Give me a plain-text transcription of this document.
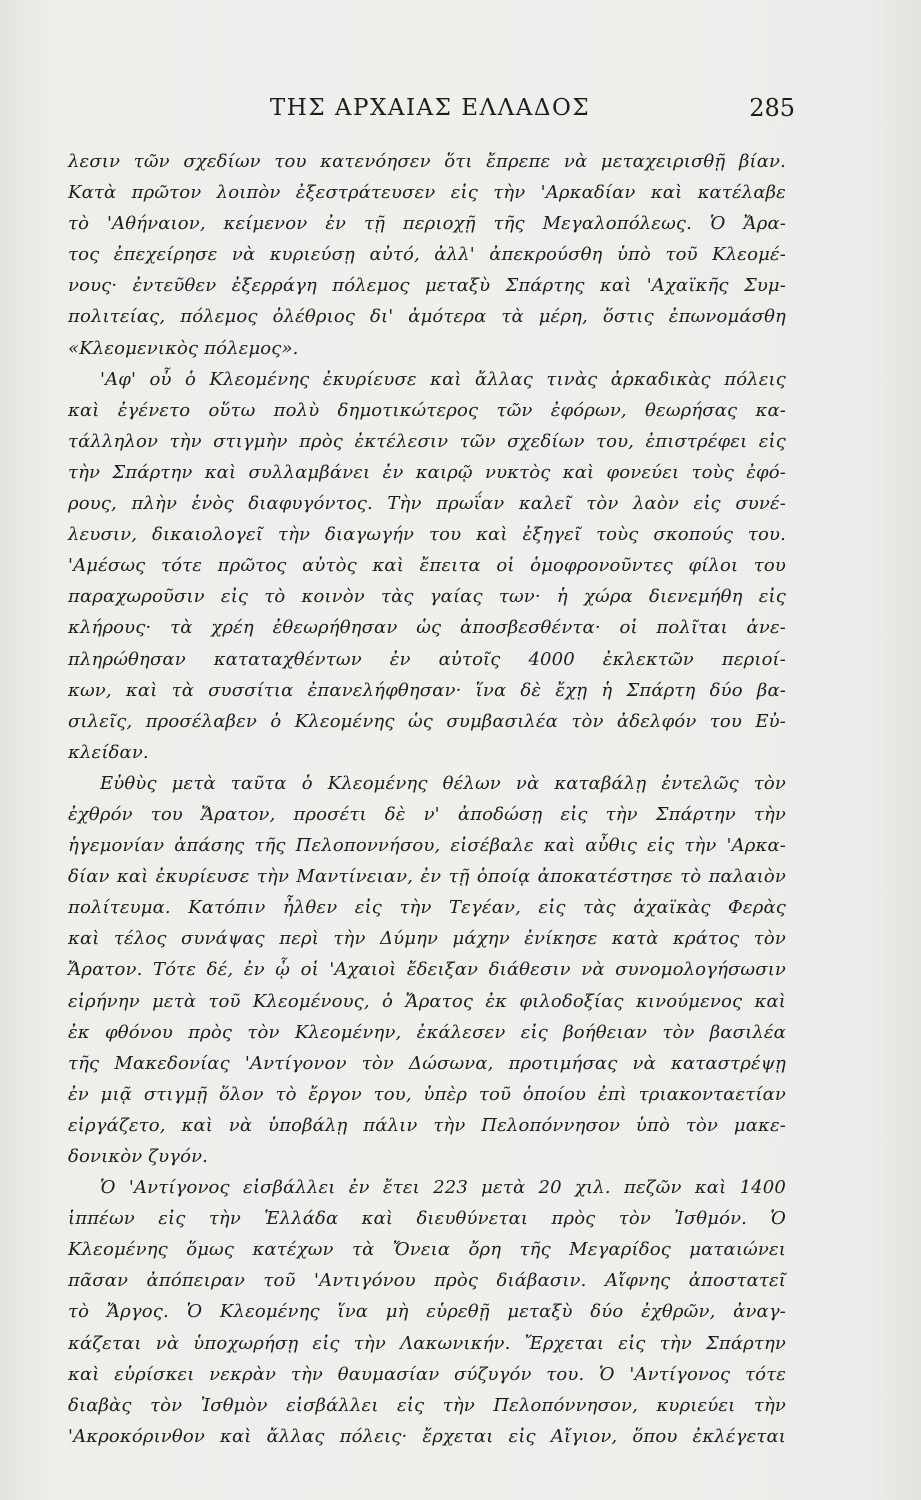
ΤΗΣ ΑΡΧΑΙΑΣ ΕΛΛΑΔΟΣ	285
λεσιν τῶν σχεδίων του κατενόησεν ὅτι ἔπρεπε νὰ μεταχειρισθῇ βίαν.
Κατὰ πρῶτον λοιπὸν ἐξεστράτευσεν εἰς τὴν 'Αρκαδίαν καὶ κατέλαβε
τὸ 'Αθήναιον, κείμενον ἐν τῇ περιοχῇ τῆς Μεγαλοπόλεως. Ὁ Ἄρα-
τος ἐπεχείρησε νὰ κυριεύσῃ αὐτό, ἀλλ' ἀπεκρούσθη ὑπὸ τοῦ Κλεομέ-
νους· ἐντεῦθεν ἐξερράγη πόλεμος μεταξὺ Σπάρτης καὶ 'Αχαϊκῆς Συμ-
πολιτείας, πόλεμος ὀλέθριος δι' ἀμότερα τὰ μέρη, ὅστις ἐπωνομάσθη
«Κλεομενικὸς πόλεμος».
'Αφ' οὗ ὁ Κλεομένης ἐκυρίευσε καὶ ἄλλας τινὰς ἀρκαδικὰς πόλεις
καὶ ἐγένετο οὕτω πολὺ δημοτικώτερος τῶν ἐφόρων, θεωρήσας κα-
τάλληλον τὴν στιγμὴν πρὸς ἐκτέλεσιν τῶν σχεδίων του, ἐπιστρέφει εἰς
τὴν Σπάρτην καὶ συλλαμβάνει ἐν καιρῷ νυκτὸς καὶ φονεύει τοὺς ἐφό-
ρους, πλὴν ἑνὸς διαφυγόντος. Τὴν πρωΐαν καλεῖ τὸν λαὸν εἰς συνέ-
λευσιν, δικαιολογεῖ τὴν διαγωγήν του καὶ ἐξηγεῖ τοὺς σκοπούς του.
'Αμέσως τότε πρῶτος αὐτὸς καὶ ἔπειτα οἱ ὁμοφρονοῦντες φίλοι του
παραχωροῦσιν εἰς τὸ κοινὸν τὰς γαίας των· ἡ χώρα διενεμήθη εἰς
κλήρους· τὰ χρέη ἐθεωρήθησαν ὡς ἀποσβεσθέντα· οἱ πολῖται ἀνε-
πληρώθησαν καταταχθέντων ἐν αὐτοῖς 4000 ἐκλεκτῶν περιοί-
κων, καὶ τὰ συσσίτια ἐπανελήφθησαν· ἵνα δὲ ἔχῃ ἡ Σπάρτη δύο βα-
σιλεῖς, προσέλαβεν ὁ Κλεομένης ὡς συμβασιλέα τὸν ἀδελφόν του Εὐ-
κλείδαν.
Εὐθὺς μετὰ ταῦτα ὁ Κλεομένης θέλων νὰ καταβάλῃ ἐντελῶς τὸν
ἐχθρόν του Ἄρατον, προσέτι δὲ ν' ἀποδώσῃ εἰς τὴν Σπάρτην τὴν
ἡγεμονίαν ἁπάσης τῆς Πελοποννήσου, εἰσέβαλε καὶ αὖθις εἰς τὴν 'Αρκα-
δίαν καὶ ἐκυρίευσε τὴν Μαντίνειαν, ἐν τῇ ὁποίᾳ ἀποκατέστησε τὸ παλαιὸν
πολίτευμα. Κατόπιν ἦλθεν εἰς τὴν Τεγέαν, εἰς τὰς ἀχαϊκὰς Φερὰς
καὶ τέλος συνάψας περὶ τὴν Δύμην μάχην ἐνίκησε κατὰ κράτος τὸν
Ἄρατον. Τότε δέ, ἐν ᾧ οἱ 'Αχαιοὶ ἔδειξαν διάθεσιν νὰ συνομολογήσωσιν
εἰρήνην μετὰ τοῦ Κλεομένους, ὁ Ἄρατος ἐκ φιλοδοξίας κινούμενος καὶ
ἐκ φθόνου πρὸς τὸν Κλεομένην, ἐκάλεσεν εἰς βοήθειαν τὸν βασιλέα
τῆς Μακεδονίας 'Αντίγονον τὸν Δώσωνα, προτιμήσας νὰ καταστρέψῃ
ἐν μιᾷ στιγμῇ ὅλον τὸ ἔργον του, ὑπὲρ τοῦ ὁποίου ἐπὶ τριακονταετίαν
εἰργάζετο, καὶ νὰ ὑποβάλῃ πάλιν τὴν Πελοπόννησον ὑπὸ τὸν μακε-
δονικὸν ζυγόν.
Ὁ 'Αντίγονος εἰσβάλλει ἐν ἔτει 223 μετὰ 20 χιλ. πεζῶν καὶ 1400
ἱππέων εἰς τὴν Ἑλλάδα καὶ διευθύνεται πρὸς τὸν Ἰσθμόν. Ὁ
Κλεομένης ὅμως κατέχων τὰ Ὄνεια ὄρη τῆς Μεγαρίδος ματαιώνει
πᾶσαν ἀπόπειραν τοῦ 'Αντιγόνου πρὸς διάβασιν. Αἴφνης ἀποστατεῖ
τὸ Ἄργος. Ὁ Κλεομένης ἵνα μὴ εὑρεθῇ μεταξὺ δύο ἐχθρῶν, ἀναγ-
κάζεται νὰ ὑποχωρήσῃ εἰς τὴν Λακωνικήν. Ἔρχεται εἰς τὴν Σπάρτην
καὶ εὑρίσκει νεκρὰν τὴν θαυμασίαν σύζυγόν του. Ὁ 'Αντίγονος τότε
διαβὰς τὸν Ἰσθμὸν εἰσβάλλει εἰς τὴν Πελοπόννησον, κυριεύει τὴν
'Ακροκόρινθον καὶ ἄλλας πόλεις· ἔρχεται εἰς Αἴγιον, ὅπου ἐκλέγεται
